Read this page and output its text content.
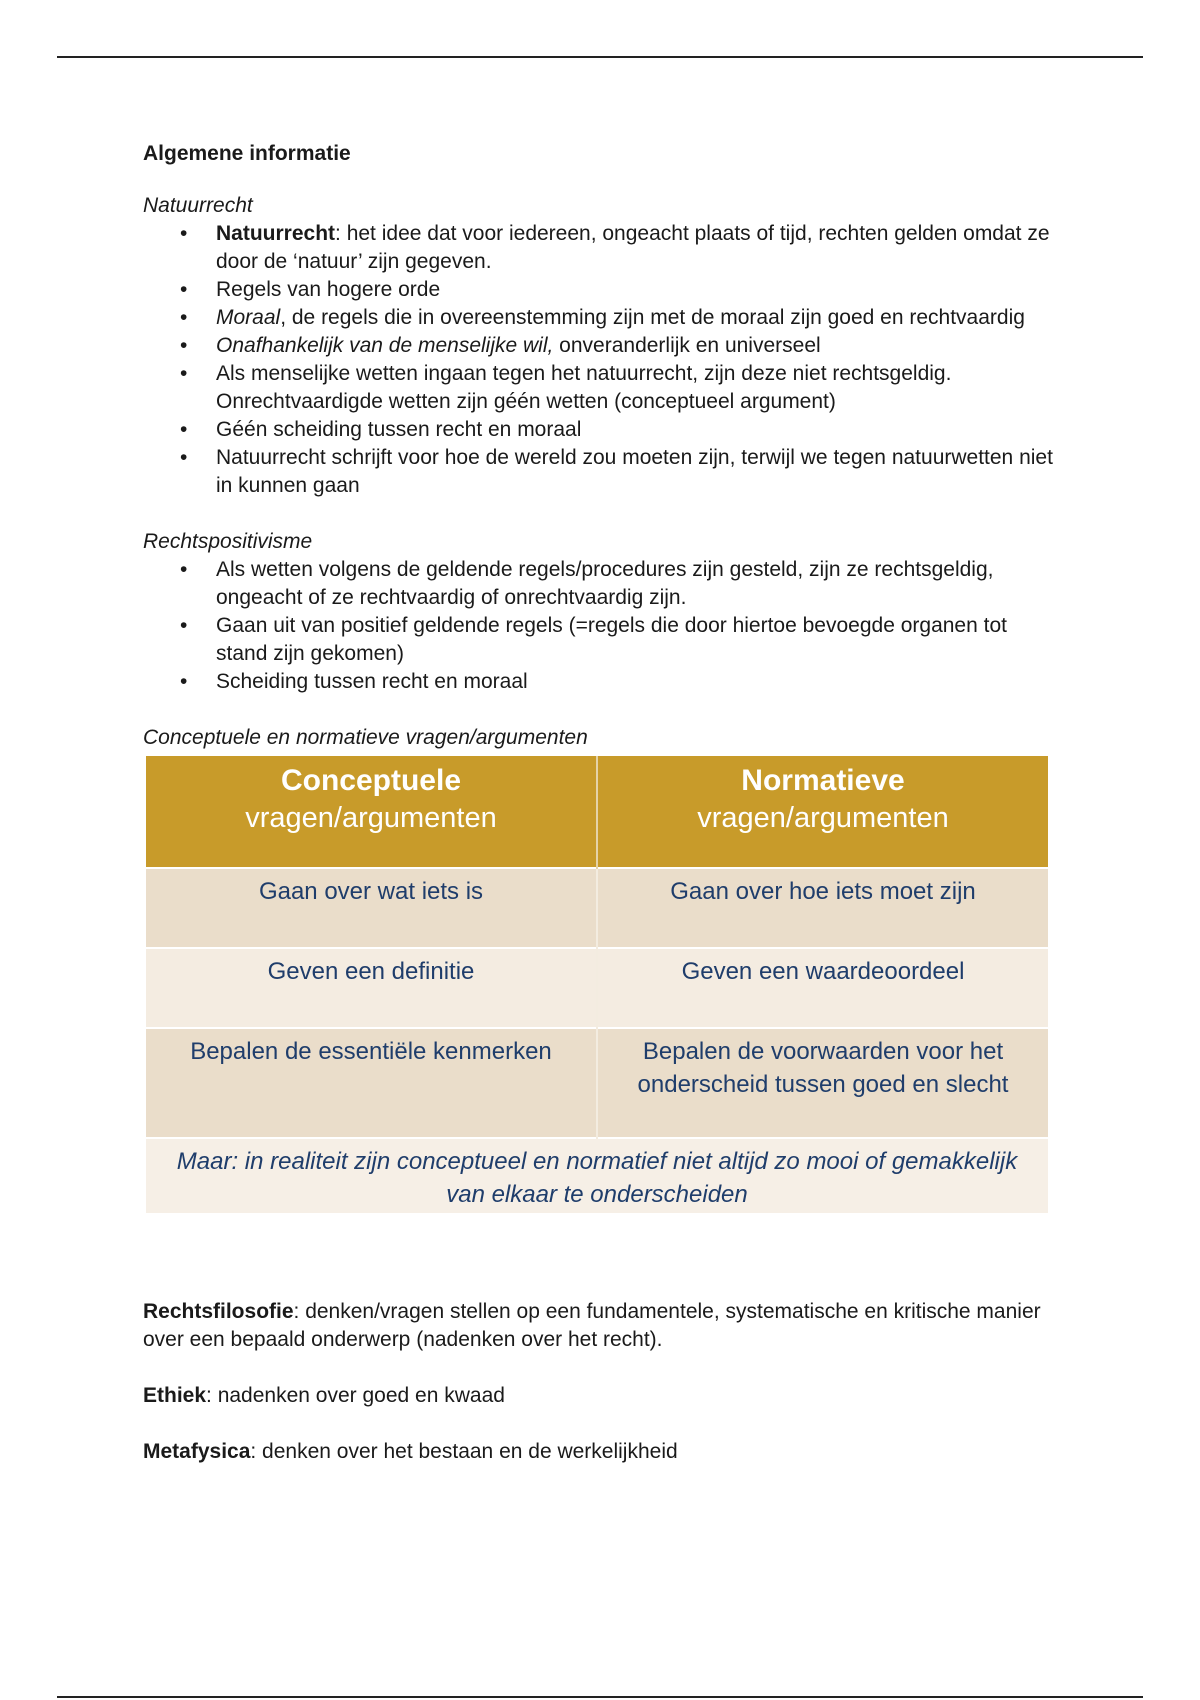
Algemene informatie

Natuurrecht

• Natuurrecht: het idee dat voor iedereen, ongeacht plaats of tijd, rechten gelden omdat ze door de ‘natuur’ zijn gegeven.
• Regels van hogere orde
• Moraal, de regels die in overeenstemming zijn met de moraal zijn goed en rechtvaardig
• Onafhankelijk van de menselijke wil, onveranderlijk en universeel
• Als menselijke wetten ingaan tegen het natuurrecht, zijn deze niet rechtsgeldig. Onrechtvaardigde wetten zijn géén wetten (conceptueel argument)
• Géén scheiding tussen recht en moraal
• Natuurrecht schrijft voor hoe de wereld zou moeten zijn, terwijl we tegen natuurwetten niet in kunnen gaan

Rechtspositivisme

• Als wetten volgens de geldende regels/procedures zijn gesteld, zijn ze rechtsgeldig, ongeacht of ze rechtvaardig of onrechtvaardig zijn.
• Gaan uit van positief geldende regels (=regels die door hiertoe bevoegde organen tot stand zijn gekomen)
• Scheiding tussen recht en moraal

Conceptuele en normatieve vragen/argumenten

Conceptuele
vragen/argumenten	Normatieve
vragen/argumenten

Gaan over wat iets is	Gaan over hoe iets moet zijn
Geven een definitie	Geven een waardeoordeel
Bepalen de essentiële kenmerken	Bepalen de voorwaarden voor het onderscheid tussen goed en slecht
Maar: in realiteit zijn conceptueel en normatief niet altijd zo mooi of gemakkelijk van elkaar te onderscheiden	

Rechtsfilosofie: denken/vragen stellen op een fundamentele, systematische en kritische manier over een bepaald onderwerp (nadenken over het recht).

Ethiek: nadenken over goed en kwaad

Metafysica: denken over het bestaan en de werkelijkheid
